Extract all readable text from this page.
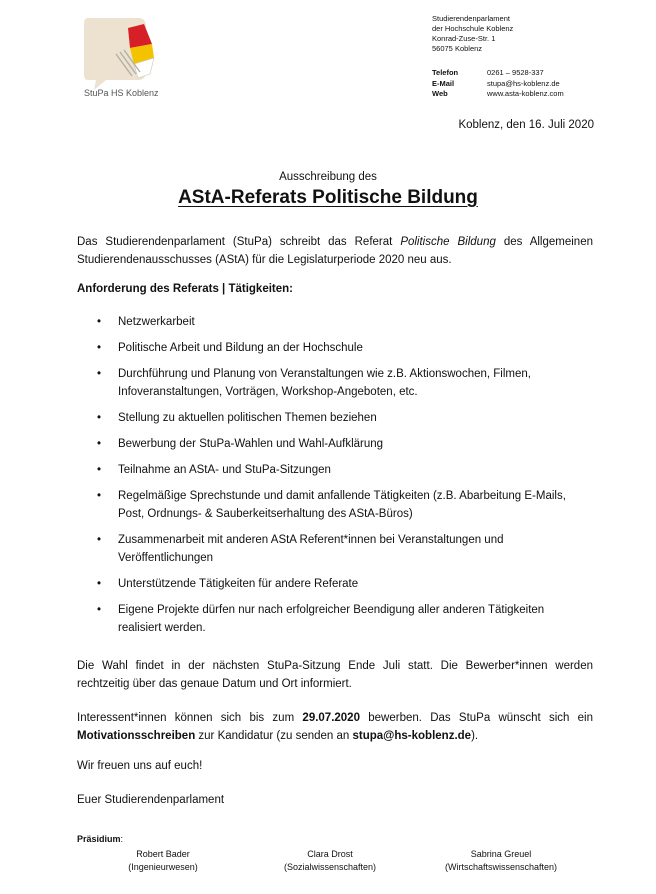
StuPa HS Koblenz
Studierendenparlament
der Hochschule Koblenz
Konrad-Zuse-Str. 1
56075 Koblenz
Telefon	0261 – 9528-337
E-Mail	stupa@hs-koblenz.de
Web	www.asta-koblenz.com
Koblenz, den 16. Juli 2020
Ausschreibung des
AStA-Referats Politische Bildung
Das Studierendenparlament (StuPa) schreibt das Referat Politische Bildung des Allgemeinen Studierendenausschusses (AStA) für die Legislaturperiode 2020 neu aus.
Anforderung des Referats | Tätigkeiten:
• Netzwerkarbeit
• Politische Arbeit und Bildung an der Hochschule
• Durchführung und Planung von Veranstaltungen wie z.B. Aktionswochen, Filmen, Infoveranstaltungen, Vorträgen, Workshop-Angeboten, etc.
• Stellung zu aktuellen politischen Themen beziehen
• Bewerbung der StuPa-Wahlen und Wahl-Aufklärung
• Teilnahme an AStA- und StuPa-Sitzungen
• Regelmäßige Sprechstunde und damit anfallende Tätigkeiten (z.B. Abarbeitung E-Mails, Post, Ordnungs- & Sauberkeitserhaltung des AStA-Büros)
• Zusammenarbeit mit anderen AStA Referent*innen bei Veranstaltungen und Veröffentlichungen
• Unterstützende Tätigkeiten für andere Referate
• Eigene Projekte dürfen nur nach erfolgreicher Beendigung aller anderen Tätigkeiten realisiert werden.
Die Wahl findet in der nächsten StuPa-Sitzung Ende Juli statt. Die Bewerber*innen werden rechtzeitig über das genaue Datum und Ort informiert.
Interessent*innen können sich bis zum 29.07.2020 bewerben. Das StuPa wünscht sich ein Motivationsschreiben zur Kandidatur (zu senden an stupa@hs-koblenz.de).
Wir freuen uns auf euch!
Euer Studierendenparlament
Präsidium:
Robert Bader
(Ingenieurwesen)
Clara Drost
(Sozialwissenschaften)
Sabrina Greuel
(Wirtschaftswissenschaften)
